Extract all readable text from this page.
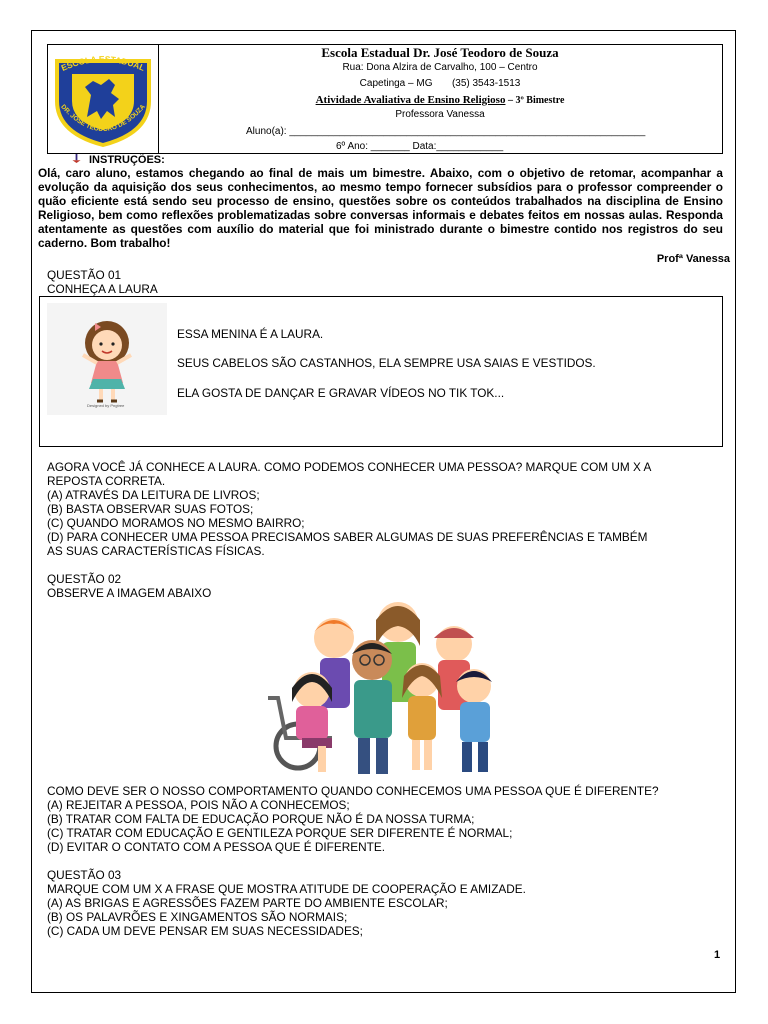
ESCOLA ESTADUAL
DR. JOSÉ TEODORO DE SOUZA
Escola Estadual Dr. José Teodoro de Souza
Rua: Dona Alzira de Carvalho, 100 – Centro
Capetinga – MG (35) 3543-1513
Atividade Avaliativa de Ensino Religioso – 3º Bimestre
Professora Vanessa
Aluno(a): ________________________________________________________________
6º Ano: _______ Data:____________
INSTRUÇÕES:
Olá, caro aluno, estamos chegando ao final de mais um bimestre. Abaixo, com o objetivo de retomar, acompanhar a evolução da aquisição dos seus conhecimentos, ao mesmo tempo fornecer subsídios para o professor compreender o quão eficiente está sendo seu processo de ensino, questões sobre os conteúdos trabalhados na disciplina de Ensino Religioso, bem como reflexões problematizadas sobre conversas informais e debates feitos em nossas aulas. Responda atentamente as questões com auxílio do material que foi ministrado durante o bimestre contido nos registros do seu caderno. Bom trabalho!
Profª Vanessa
QUESTÃO 01
CONHEÇA A LAURA
Designed by Pngtree
ESSA MENINA É A LAURA.
SEUS CABELOS SÃO CASTANHOS, ELA SEMPRE USA SAIAS E VESTIDOS.
ELA GOSTA DE DANÇAR E GRAVAR VÍDEOS NO TIK TOK...
AGORA VOCÊ JÁ CONHECE A LAURA. COMO PODEMOS CONHECER UMA PESSOA? MARQUE COM UM X A
REPOSTA CORRETA.
(A) ATRAVÉS DA LEITURA DE LIVROS;
(B) BASTA OBSERVAR SUAS FOTOS;
(C) QUANDO MORAMOS NO MESMO BAIRRO;
(D) PARA CONHECER UMA PESSOA PRECISAMOS SABER ALGUMAS DE SUAS PREFERÊNCIAS E TAMBÉM
AS SUAS CARACTERÍSTICAS FÍSICAS.
QUESTÃO 02
OBSERVE A IMAGEM ABAIXO
COMO DEVE SER O NOSSO COMPORTAMENTO QUANDO CONHECEMOS UMA PESSOA QUE É DIFERENTE?
(A) REJEITAR A PESSOA, POIS NÃO A CONHECEMOS;
(B) TRATAR COM FALTA DE EDUCAÇÃO PORQUE NÃO É DA NOSSA TURMA;
(C) TRATAR COM EDUCAÇÃO E GENTILEZA PORQUE SER DIFERENTE É NORMAL;
(D) EVITAR O CONTATO COM A PESSOA QUE É DIFERENTE.
QUESTÃO 03
MARQUE COM UM X A FRASE QUE MOSTRA ATITUDE DE COOPERAÇÃO E AMIZADE.
(A) AS BRIGAS E AGRESSÕES FAZEM PARTE DO AMBIENTE ESCOLAR;
(B) OS PALAVRÕES E XINGAMENTOS SÃO NORMAIS;
(C) CADA UM DEVE PENSAR EM SUAS NECESSIDADES;
1
